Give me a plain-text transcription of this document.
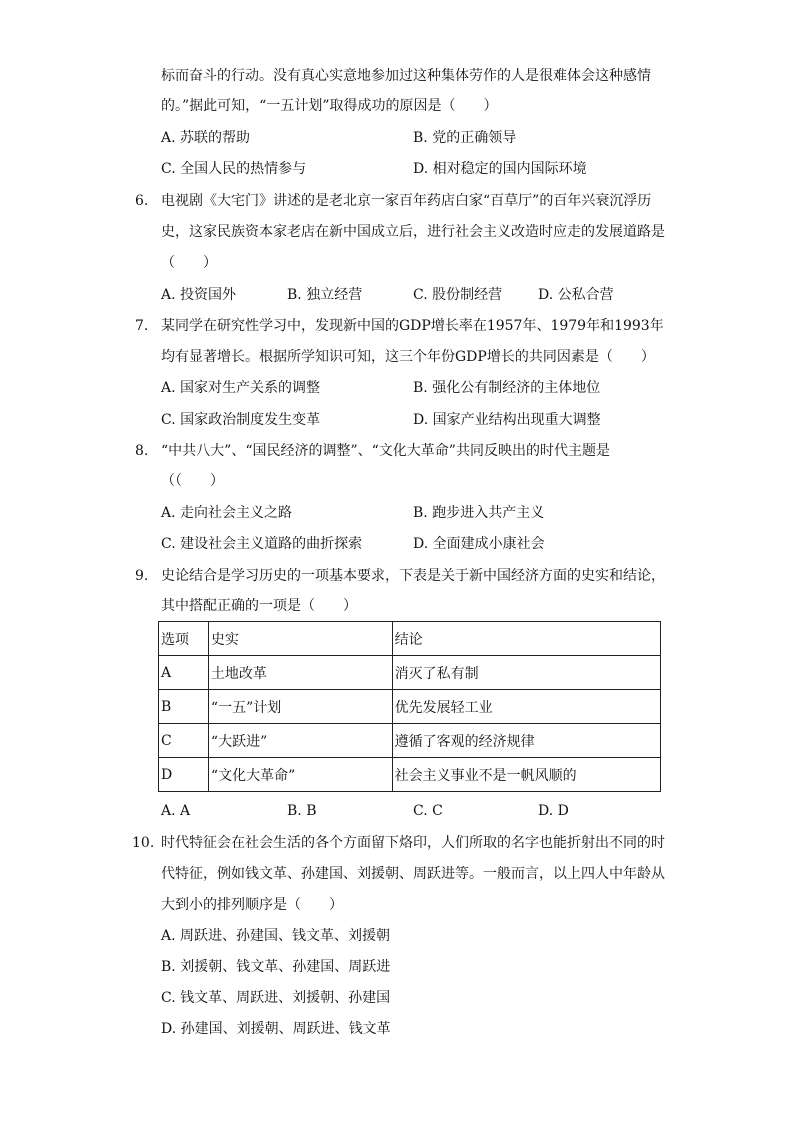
标而奋斗的行动。没有真心实意地参加过这种集体劳作的人是很难体会这种感情
的。”据此可知，“一五计划”取得成功的原因是（　　）
A. 苏联的帮助	B. 党的正确领导
C. 全国人民的热情参与	D. 相对稳定的国内国际环境
6. 电视剧《大宅门》讲述的是老北京一家百年药店白家“百草厅”的百年兴衰沉浮历
史，这家民族资本家老店在新中国成立后，进行社会主义改造时应走的发展道路是
（　　）
A. 投资国外	B. 独立经营	C. 股份制经营	D. 公私合营
7. 某同学在研究性学习中，发现新中国的GDP增长率在1957年、1979年和1993年
均有显著增长。根据所学知识可知，这三个年份GDP增长的共同因素是（　　）
A. 国家对生产关系的调整	B. 强化公有制经济的主体地位
C. 国家政治制度发生变革	D. 国家产业结构出现重大调整
8. “中共八大”、“国民经济的调整”、“文化大革命”共同反映出的时代主题是
（（　　）
A. 走向社会主义之路	B. 跑步进入共产主义
C. 建设社会主义道路的曲折探索	D. 全面建成小康社会
9. 史论结合是学习历史的一项基本要求，下表是关于新中国经济方面的史实和结论，
其中搭配正确的一项是（　　）
选项	史实	结论
A	土地改革	消灭了私有制
B	“一五”计划	优先发展轻工业
C	“大跃进”	遵循了客观的经济规律
D	“文化大革命”	社会主义事业不是一帆风顺的
A. A	B. B	C. C	D. D
10. 时代特征会在社会生活的各个方面留下烙印，人们所取的名字也能折射出不同的时
代特征，例如钱文革、孙建国、刘援朝、周跃进等。一般而言，以上四人中年龄从
大到小的排列顺序是（　　）
A. 周跃进、孙建国、钱文革、刘援朝
B. 刘援朝、钱文革、孙建国、周跃进
C. 钱文革、周跃进、刘援朝、孙建国
D. 孙建国、刘援朝、周跃进、钱文革
